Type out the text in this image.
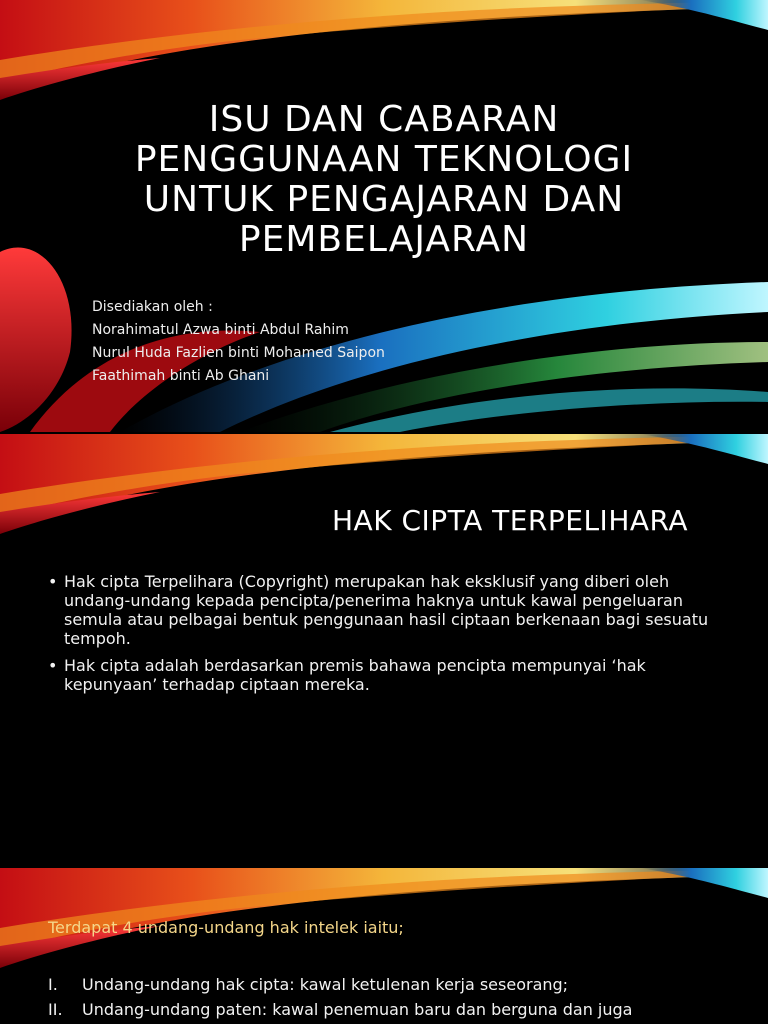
ISU DAN CABARAN
PENGGUNAAN TEKNOLOGI
UNTUK PENGAJARAN DAN
PEMBELAJARAN
Disediakan oleh :
Norahimatul Azwa binti Abdul Rahim
Nurul Huda Fazlien binti Mohamed Saipon
Faathimah binti Ab Ghani
HAK CIPTA TERPELIHARA
• Hak cipta Terpelihara (Copyright) merupakan hak eksklusif yang diberi oleh undang-undang kepada pencipta/penerima haknya untuk kawal pengeluaran semula atau pelbagai bentuk penggunaan hasil ciptaan berkenaan bagi sesuatu tempoh.
• Hak cipta adalah berdasarkan premis bahawa pencipta mempunyai ‘hak kepunyaan’ terhadap ciptaan mereka.
Terdapat 4 undang-undang hak intelek iaitu;
I. Undang-undang hak cipta: kawal ketulenan kerja seseorang;
II. Undang-undang paten: kawal penemuan baru dan berguna dan juga
